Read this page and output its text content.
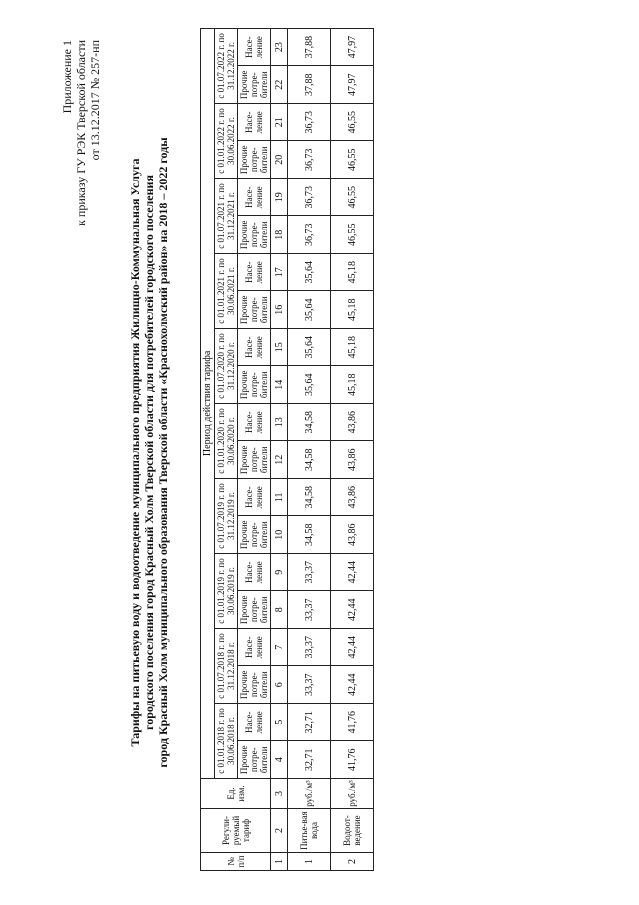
Приложение 1 к приказу ГУ РЭК Тверской области от 13.12.2017 № 257-нп
Тарифы на питьевую воду и водоотведение муниципального предприятия Жилищно-Коммунальная Услуга городского поселения город Красный Холм Тверской области для потребителей городского поселения город Красный Холм муниципального образования Тверской области «Краснохолмский район» на 2018 – 2022 годы
№ п/п	Регули-руемый тариф	Ед. изм.	Период действия тарифа																			
			с 01.01.2018 г. по 30.06.2018 г.		с 01.07.2018 г. по 31.12.2018 г.		с 01.01.2019 г. по 30.06.2019 г.		с 01.07.2019 г. по 31.12.2019 г.		с 01.01.2020 г. по 30.06.2020 г.		с 01.07.2020 г. по 31.12.2020 г.		с 01.01.2021 г. по 30.06.2021 г.		с 01.07.2021 г. по 31.12.2021 г.		с 01.01.2022 г. по 30.06.2022 г.		с 01.07.2022 г. по 31.12.2022 г.	
			Прочие потре-бители	Насе-ление	Прочие потре-бители	Насе-ление	Прочие потре-бители	Насе-ление	Прочие потре-бители	Насе-ление	Прочие потре-бители	Насе-ление	Прочие потре-бители	Насе-ление	Прочие потре-бители	Насе-ление	Прочие потре-бители	Насе-ление	Прочие потре-бители	Насе-ление	Прочие потре-бители	Насе-ление
1	2	3	4	5	6	7	8	9	10	11	12	13	14	15	16	17	18	19	20	21	22	23
1	Питье-вая вода	руб./м³	32,71	32,71	33,37	33,37	33,37	33,37	34,58	34,58	34,58	34,58	35,64	35,64	35,64	35,64	36,73	36,73	36,73	36,73	37,88	37,88
2	Водоот-ведение	руб./м³	41,76	41,76	42,44	42,44	42,44	42,44	43,86	43,86	43,86	43,86	45,18	45,18	45,18	45,18	46,55	46,55	46,55	46,55	47,97	47,97
